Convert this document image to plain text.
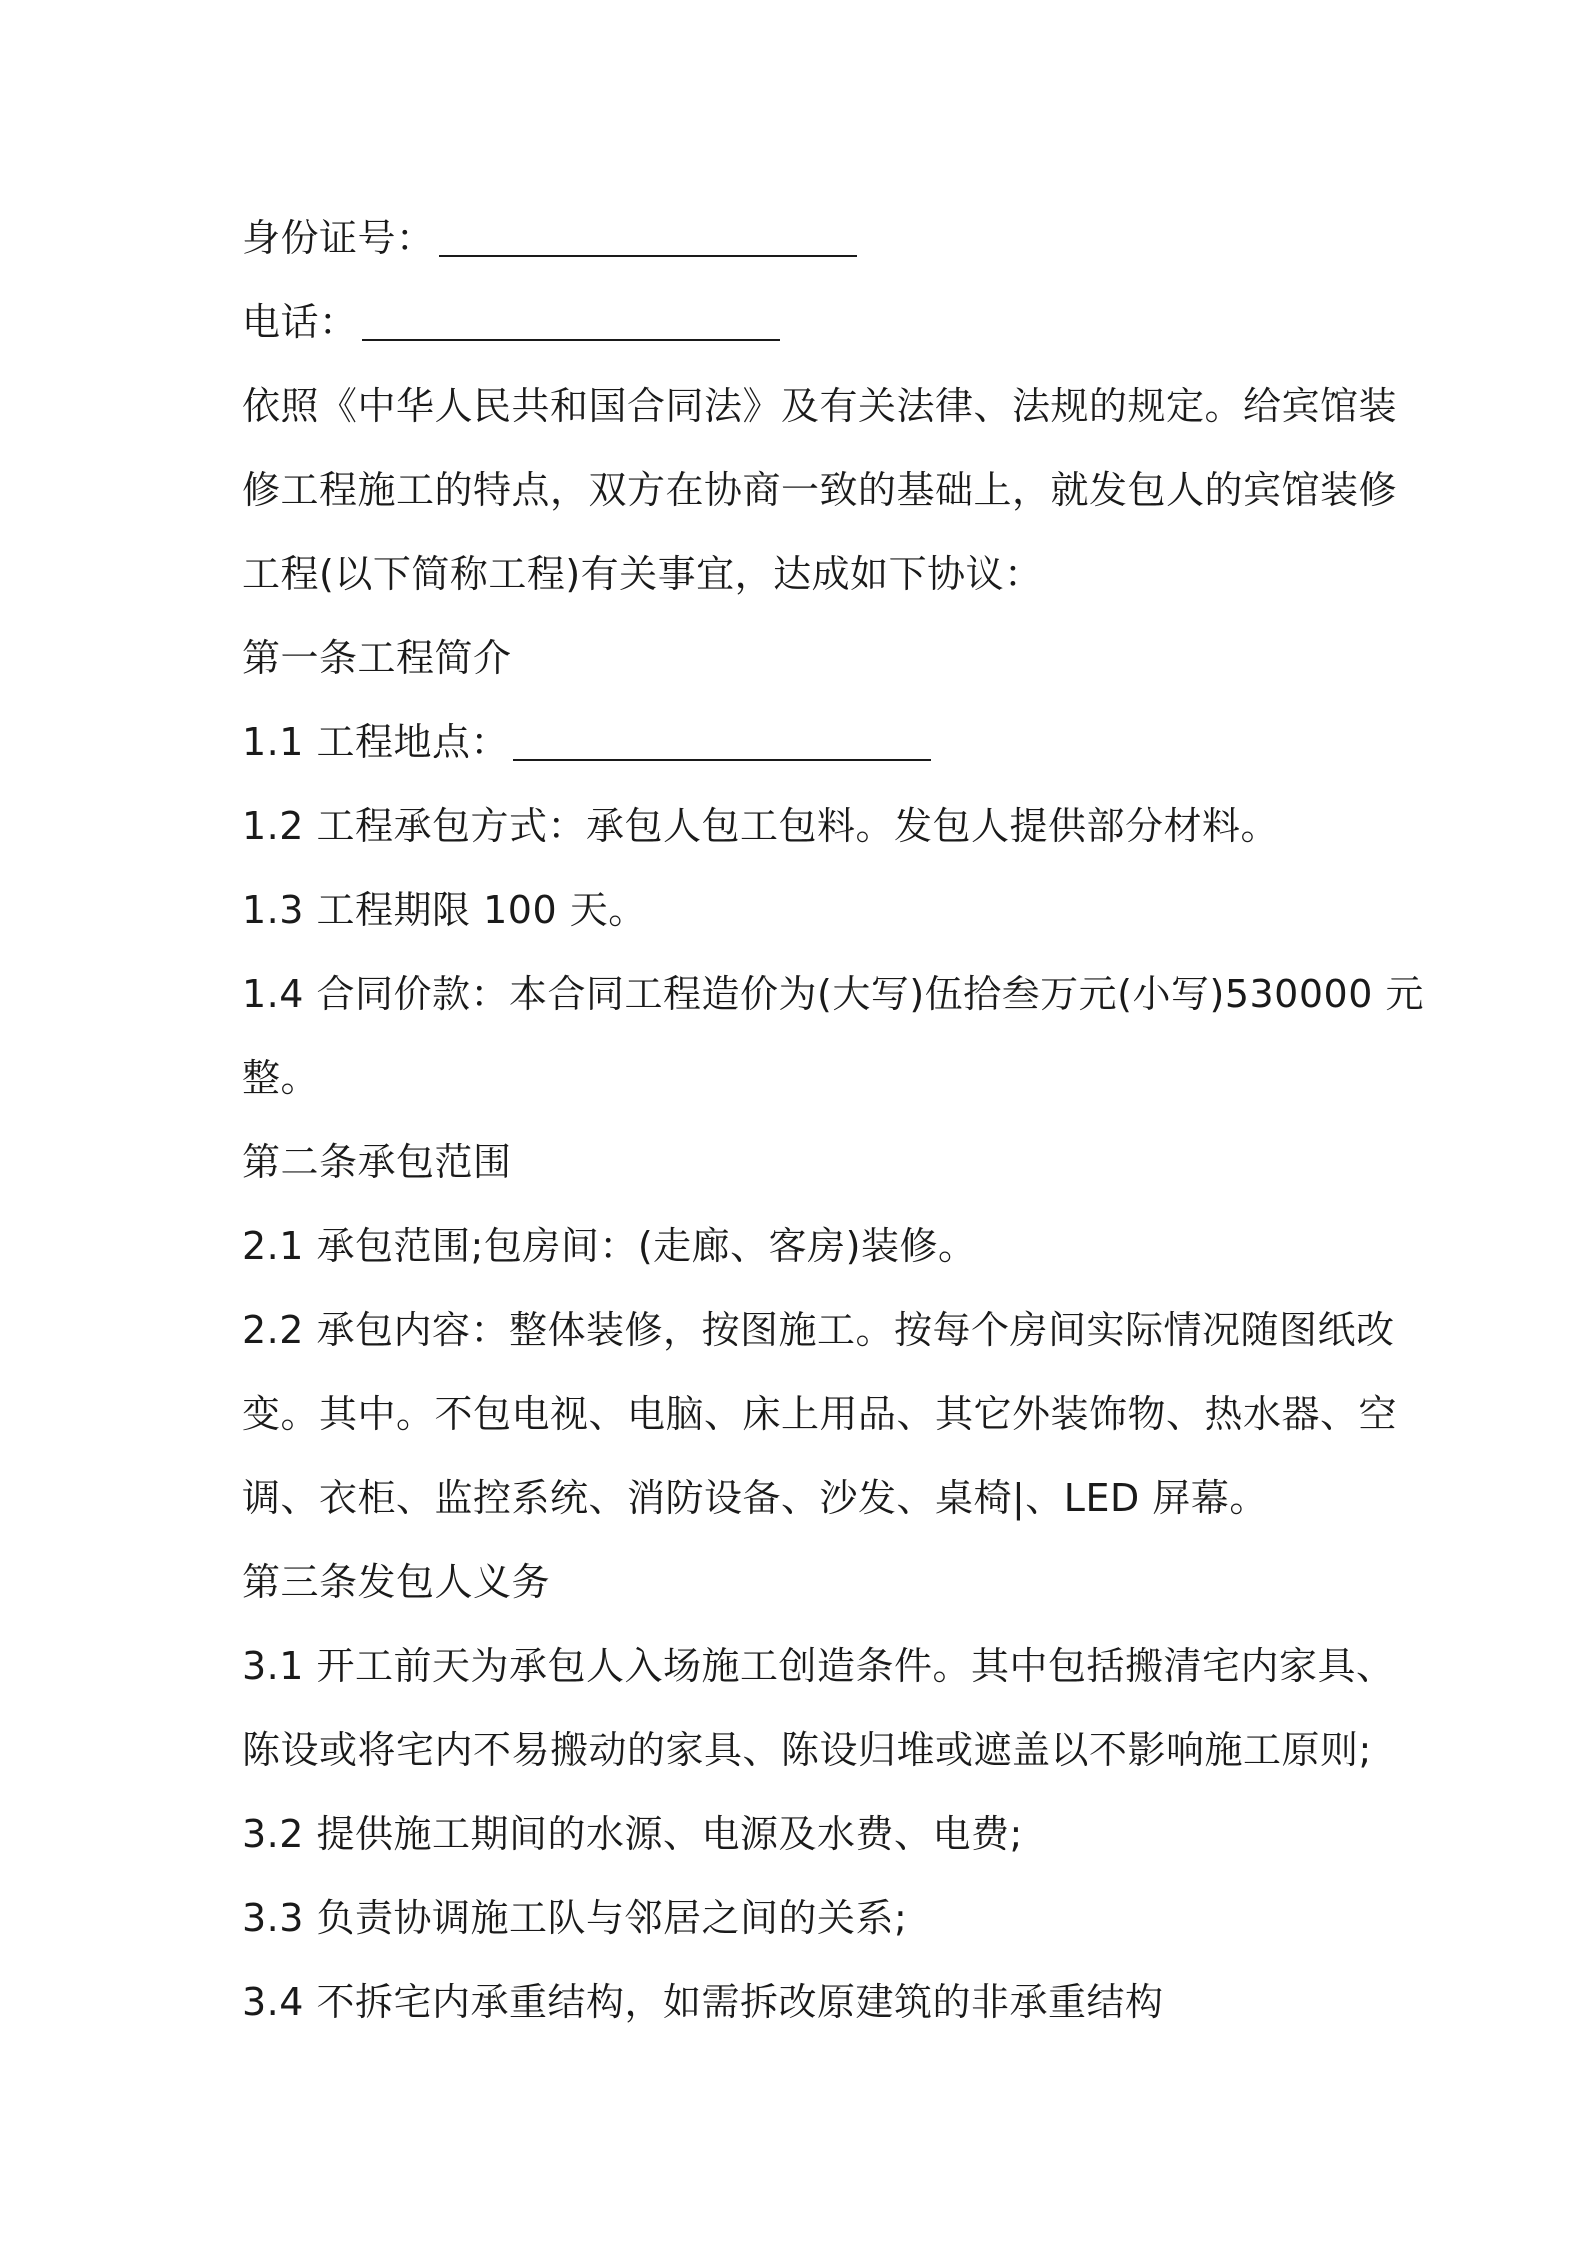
身份证号：
电话：
依照《中华人民共和国合同法》及有关法律、法规的规定。给宾馆装
修工程施工的特点，双方在协商一致的基础上，就发包人的宾馆装修
工程(以下简称工程)有关事宜，达成如下协议：
第一条工程简介
1.1 工程地点：
1.2 工程承包方式：承包人包工包料。发包人提供部分材料。
1.3 工程期限 100 天。
1.4 合同价款：本合同工程造价为(大写)伍拾叁万元(小写)530000 元
整。
第二条承包范围
2.1 承包范围;包房间：(走廊、客房)装修。
2.2 承包内容：整体装修，按图施工。按每个房间实际情况随图纸改
变。其中。不包电视、电脑、床上用品、其它外装饰物、热水器、空
调、衣柜、监控系统、消防设备、沙发、桌椅|、LED 屏幕。
第三条发包人义务
3.1 开工前天为承包人入场施工创造条件。其中包括搬清宅内家具、
陈设或将宅内不易搬动的家具、陈设归堆或遮盖以不影响施工原则;
3.2 提供施工期间的水源、电源及水费、电费;
3.3 负责协调施工队与邻居之间的关系;
3.4 不拆宅内承重结构，如需拆改原建筑的非承重结构
